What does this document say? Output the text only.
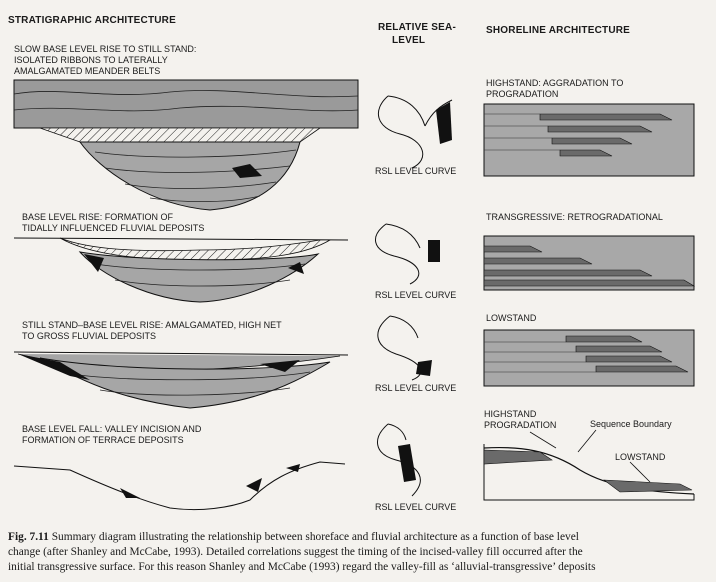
STRATIGRAPHIC ARCHITECTURE
RELATIVE SEA-
LEVEL
SHORELINE ARCHITECTURE
SLOW BASE LEVEL RISE TO STILL STAND:
ISOLATED RIBBONS TO LATERALLY
AMALGAMATED MEANDER BELTS
RSL LEVEL CURVE
HIGHSTAND: AGGRADATION TO
PROGRADATION
BASE LEVEL RISE: FORMATION OF
TIDALLY INFLUENCED FLUVIAL DEPOSITS
RSL LEVEL CURVE
TRANSGRESSIVE: RETROGRADATIONAL
STILL STAND–BASE LEVEL RISE: AMALGAMATED, HIGH NET
TO GROSS FLUVIAL DEPOSITS
RSL LEVEL CURVE
LOWSTAND
BASE LEVEL FALL: VALLEY INCISION AND
FORMATION OF TERRACE DEPOSITS
RSL LEVEL CURVE
HIGHSTAND
PROGRADATION	Sequence Boundary
LOWSTAND
Fig. 7.11 Summary diagram illustrating the relationship between shoreface and fluvial architecture as a function of base level
change (after Shanley and McCabe, 1993). Detailed correlations suggest the timing of the incised-valley fill occurred after the
initial transgressive surface. For this reason Shanley and McCabe (1993) regard the valley-fill as ‘alluvial-transgressive’ deposits
